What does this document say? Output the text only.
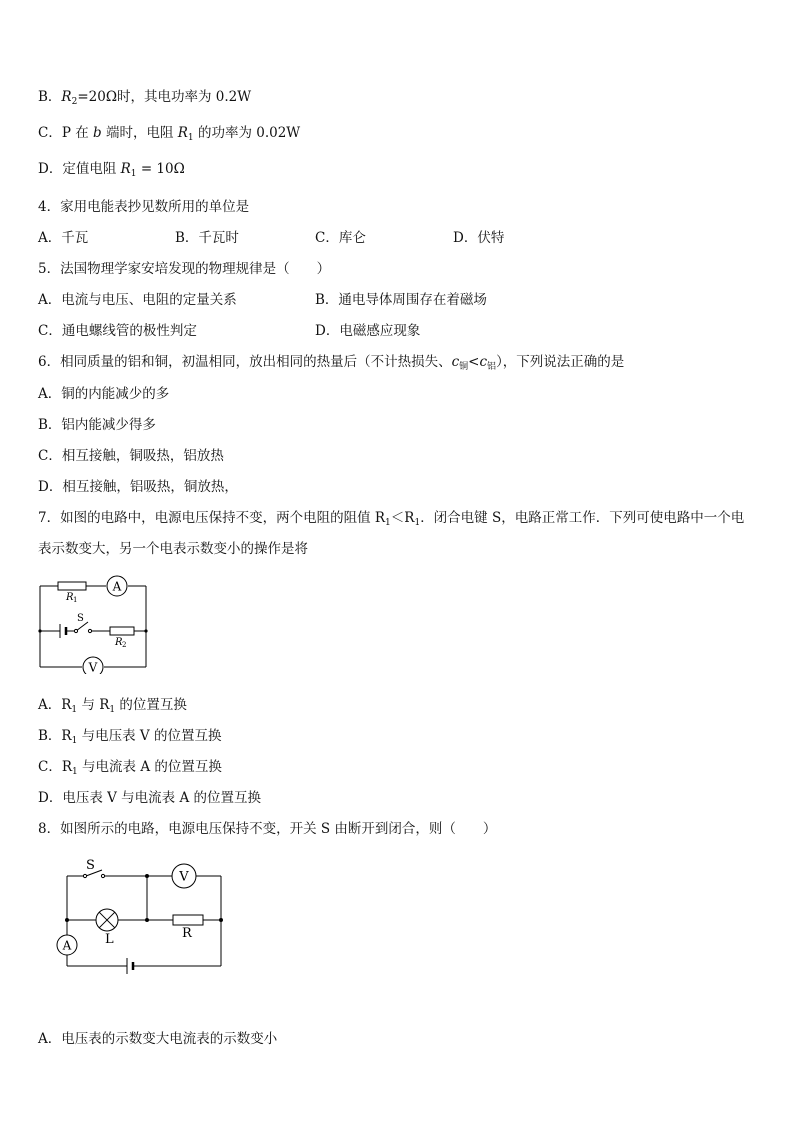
B．$R_2=20\Omega$时，其电功率为 0.2W
C．P 在 b 端时，电阻 $R_1$ 的功率为 0.02W
D．定值电阻 $R_1 = 10\Omega$
4．家用电能表抄见数所用的单位是
A．千瓦	B．千瓦时	C．库仑	D．伏特
5．法国物理学家安培发现的物理规律是（　　）
A．电流与电压、电阻的定量关系	B．通电导体周围存在着磁场
C．通电螺线管的极性判定	D．电磁感应现象
6．相同质量的铝和铜，初温相同，放出相同的热量后（不计热损失、$c_铜<c_铝$），下列说法正确的是
A．铜的内能减少的多
B．铝内能减少得多
C．相互接触，铜吸热，铝放热
D．相互接触，铝吸热，铜放热，
7．如图的电路中，电源电压保持不变，两个电阻的阻值 $R_1<R_1$．闭合电键 S，电路正常工作．下列可使电路中一个电
表示数变大，另一个电表示数变小的操作是将
A
V
S
R 1
R 2
A．$R_1$ 与 $R_1$ 的位置互换
B．$R_1$ 与电压表 V 的位置互换
C．$R_1$ 与电流表 A 的位置互换
D．电压表 V 与电流表 A 的位置互换
8．如图所示的电路，电源电压保持不变，开关 S 由断开到闭合，则（　　）
S
V
L	R
A
A．电压表的示数变大电流表的示数变小
